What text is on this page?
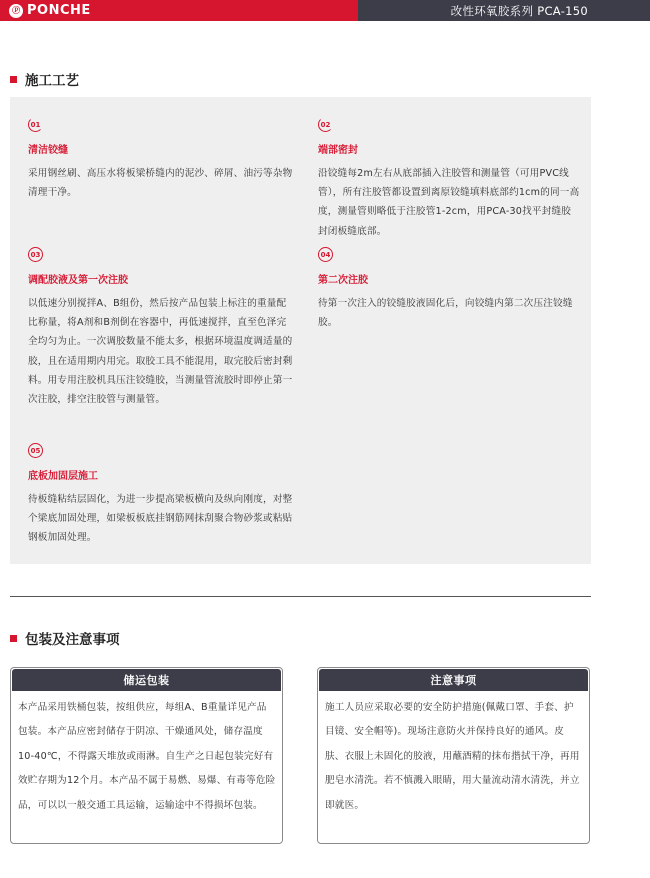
Ⓟ PONCHE	改性环氧胶系列 PCA-150
施工工艺
01
清洁铰缝
采用钢丝刷、高压水将板梁桥缝内的泥沙、碎屑、油污等杂物清理干净。
02
端部密封
沿铰缝每2m左右从底部插入注胶管和测量管（可用PVC线管），所有注胶管都设置到离原铰缝填料底部约1cm的同一高度，测量管则略低于注胶管1-2cm，用PCA-30找平封缝胶封闭板缝底部。
03
调配胶液及第一次注胶
以低速分别搅拌A、B组份，然后按产品包装上标注的重量配比称量，将A剂和B剂倒在容器中，再低速搅拌，直至色泽完全均匀为止。一次调胶数量不能太多，根据环境温度调适量的胶，且在适用期内用完。取胶工具不能混用，取完胶后密封剩料。用专用注胶机具压注铰缝胶，当测量管流胶时即停止第一次注胶，排空注胶管与测量管。
04
第二次注胶
待第一次注入的铰缝胶液固化后，向铰缝内第二次压注铰缝胶。
05
底板加固层施工
待板缝粘结层固化，为进一步提高梁板横向及纵向刚度，对整个梁底加固处理，如梁板板底挂钢筋网抹刮聚合物砂浆或粘贴钢板加固处理。
包装及注意事项
储运包装
本产品采用铁桶包装，按组供应，每组A、B重量详见产品包装。本产品应密封储存于阴凉、干燥通风处，储存温度10-40℃，不得露天堆放或雨淋。自生产之日起包装完好有效贮存期为12个月。本产品不属于易燃、易爆、有毒等危险品，可以以一般交通工具运输，运输途中不得损坏包装。
注意事项
施工人员应采取必要的安全防护措施(佩戴口罩、手套、护目镜、安全帽等)。现场注意防火并保持良好的通风。皮肤、衣服上未固化的胶液，用蘸酒精的抹布揩拭干净，再用肥皂水清洗。若不慎溅入眼睛，用大量流动清水清洗，并立即就医。
